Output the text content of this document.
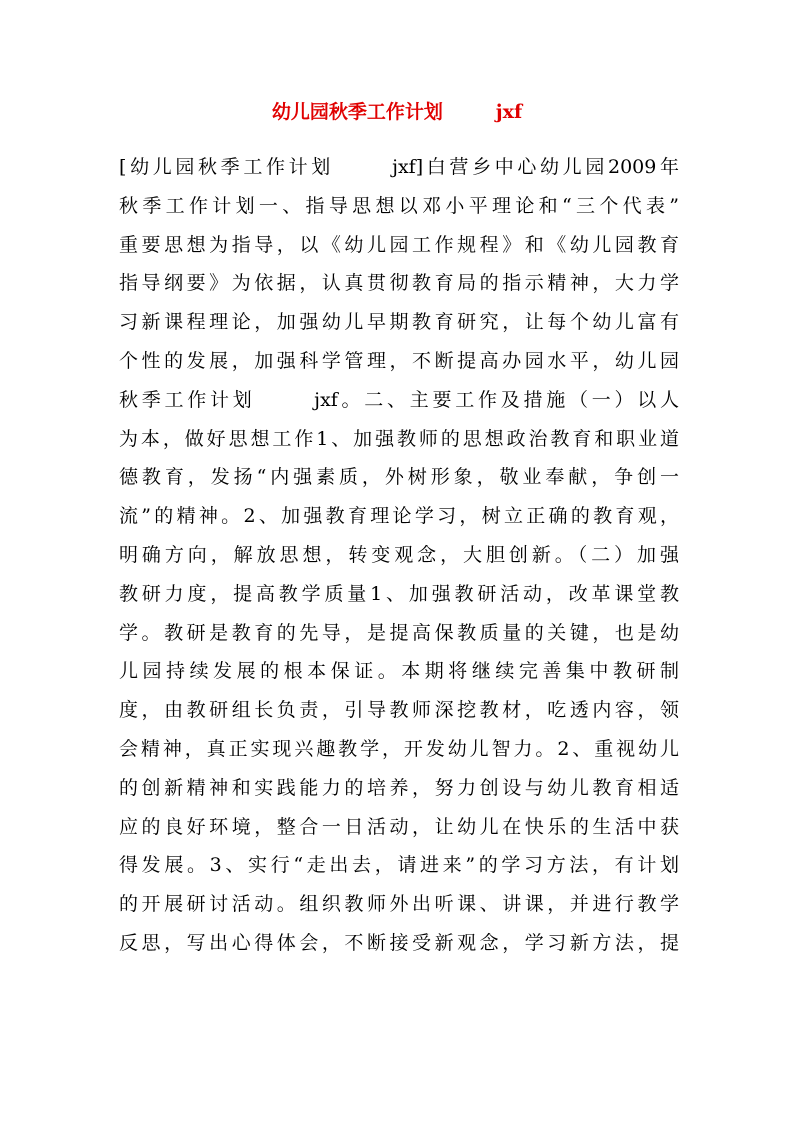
幼儿园秋季工作计划        jxf
[幼儿园秋季工作计划      jxf]白营乡中心幼儿园2009年
秋季工作计划一、指导思想以邓小平理论和“三个代表”
重要思想为指导，以《幼儿园工作规程》和《幼儿园教育
指导纲要》为依据，认真贯彻教育局的指示精神，大力学
习新课程理论，加强幼儿早期教育研究，让每个幼儿富有
个性的发展，加强科学管理，不断提高办园水平，幼儿园
秋季工作计划      jxf。二、主要工作及措施（一）以人
为本，做好思想工作1、加强教师的思想政治教育和职业道
德教育，发扬“内强素质，外树形象，敬业奉献，争创一
流”的精神。2、加强教育理论学习，树立正确的教育观，
明确方向，解放思想，转变观念，大胆创新。（二）加强
教研力度，提高教学质量1、加强教研活动，改革课堂教
学。教研是教育的先导，是提高保教质量的关键，也是幼
儿园持续发展的根本保证。本期将继续完善集中教研制
度，由教研组长负责，引导教师深挖教材，吃透内容，领
会精神，真正实现兴趣教学，开发幼儿智力。2、重视幼儿
的创新精神和实践能力的培养，努力创设与幼儿教育相适
应的良好环境，整合一日活动，让幼儿在快乐的生活中获
得发展。3、实行“走出去，请进来”的学习方法，有计划
的开展研讨活动。组织教师外出听课、讲课，并进行教学
反思，写出心得体会，不断接受新观念，学习新方法，提
